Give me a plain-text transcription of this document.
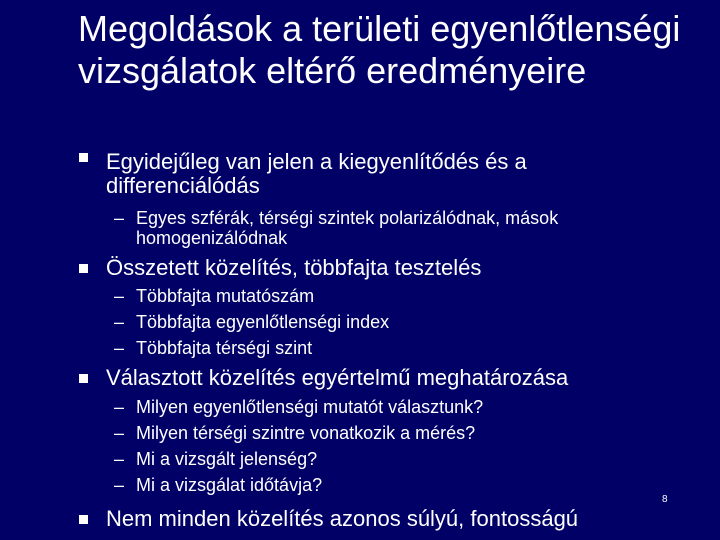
Megoldások a területi egyenlőtlenségi vizsgálatok eltérő eredményeire
Egyidejűleg van jelen a kiegyenlítődés és a differenciálódás
– Egyes szférák, térségi szintek polarizálódnak, mások homogenizálódnak
Összetett közelítés, többfajta tesztelés
– Többfajta mutatószám
– Többfajta egyenlőtlenségi index
– Többfajta térségi szint
Választott közelítés egyértelmű meghatározása
– Milyen egyenlőtlenségi mutatót választunk?
– Milyen térségi szintre vonatkozik a mérés?
– Mi a vizsgált jelenség?
– Mi a vizsgálat időtávja?
Nem minden közelítés azonos súlyú, fontosságú
8
